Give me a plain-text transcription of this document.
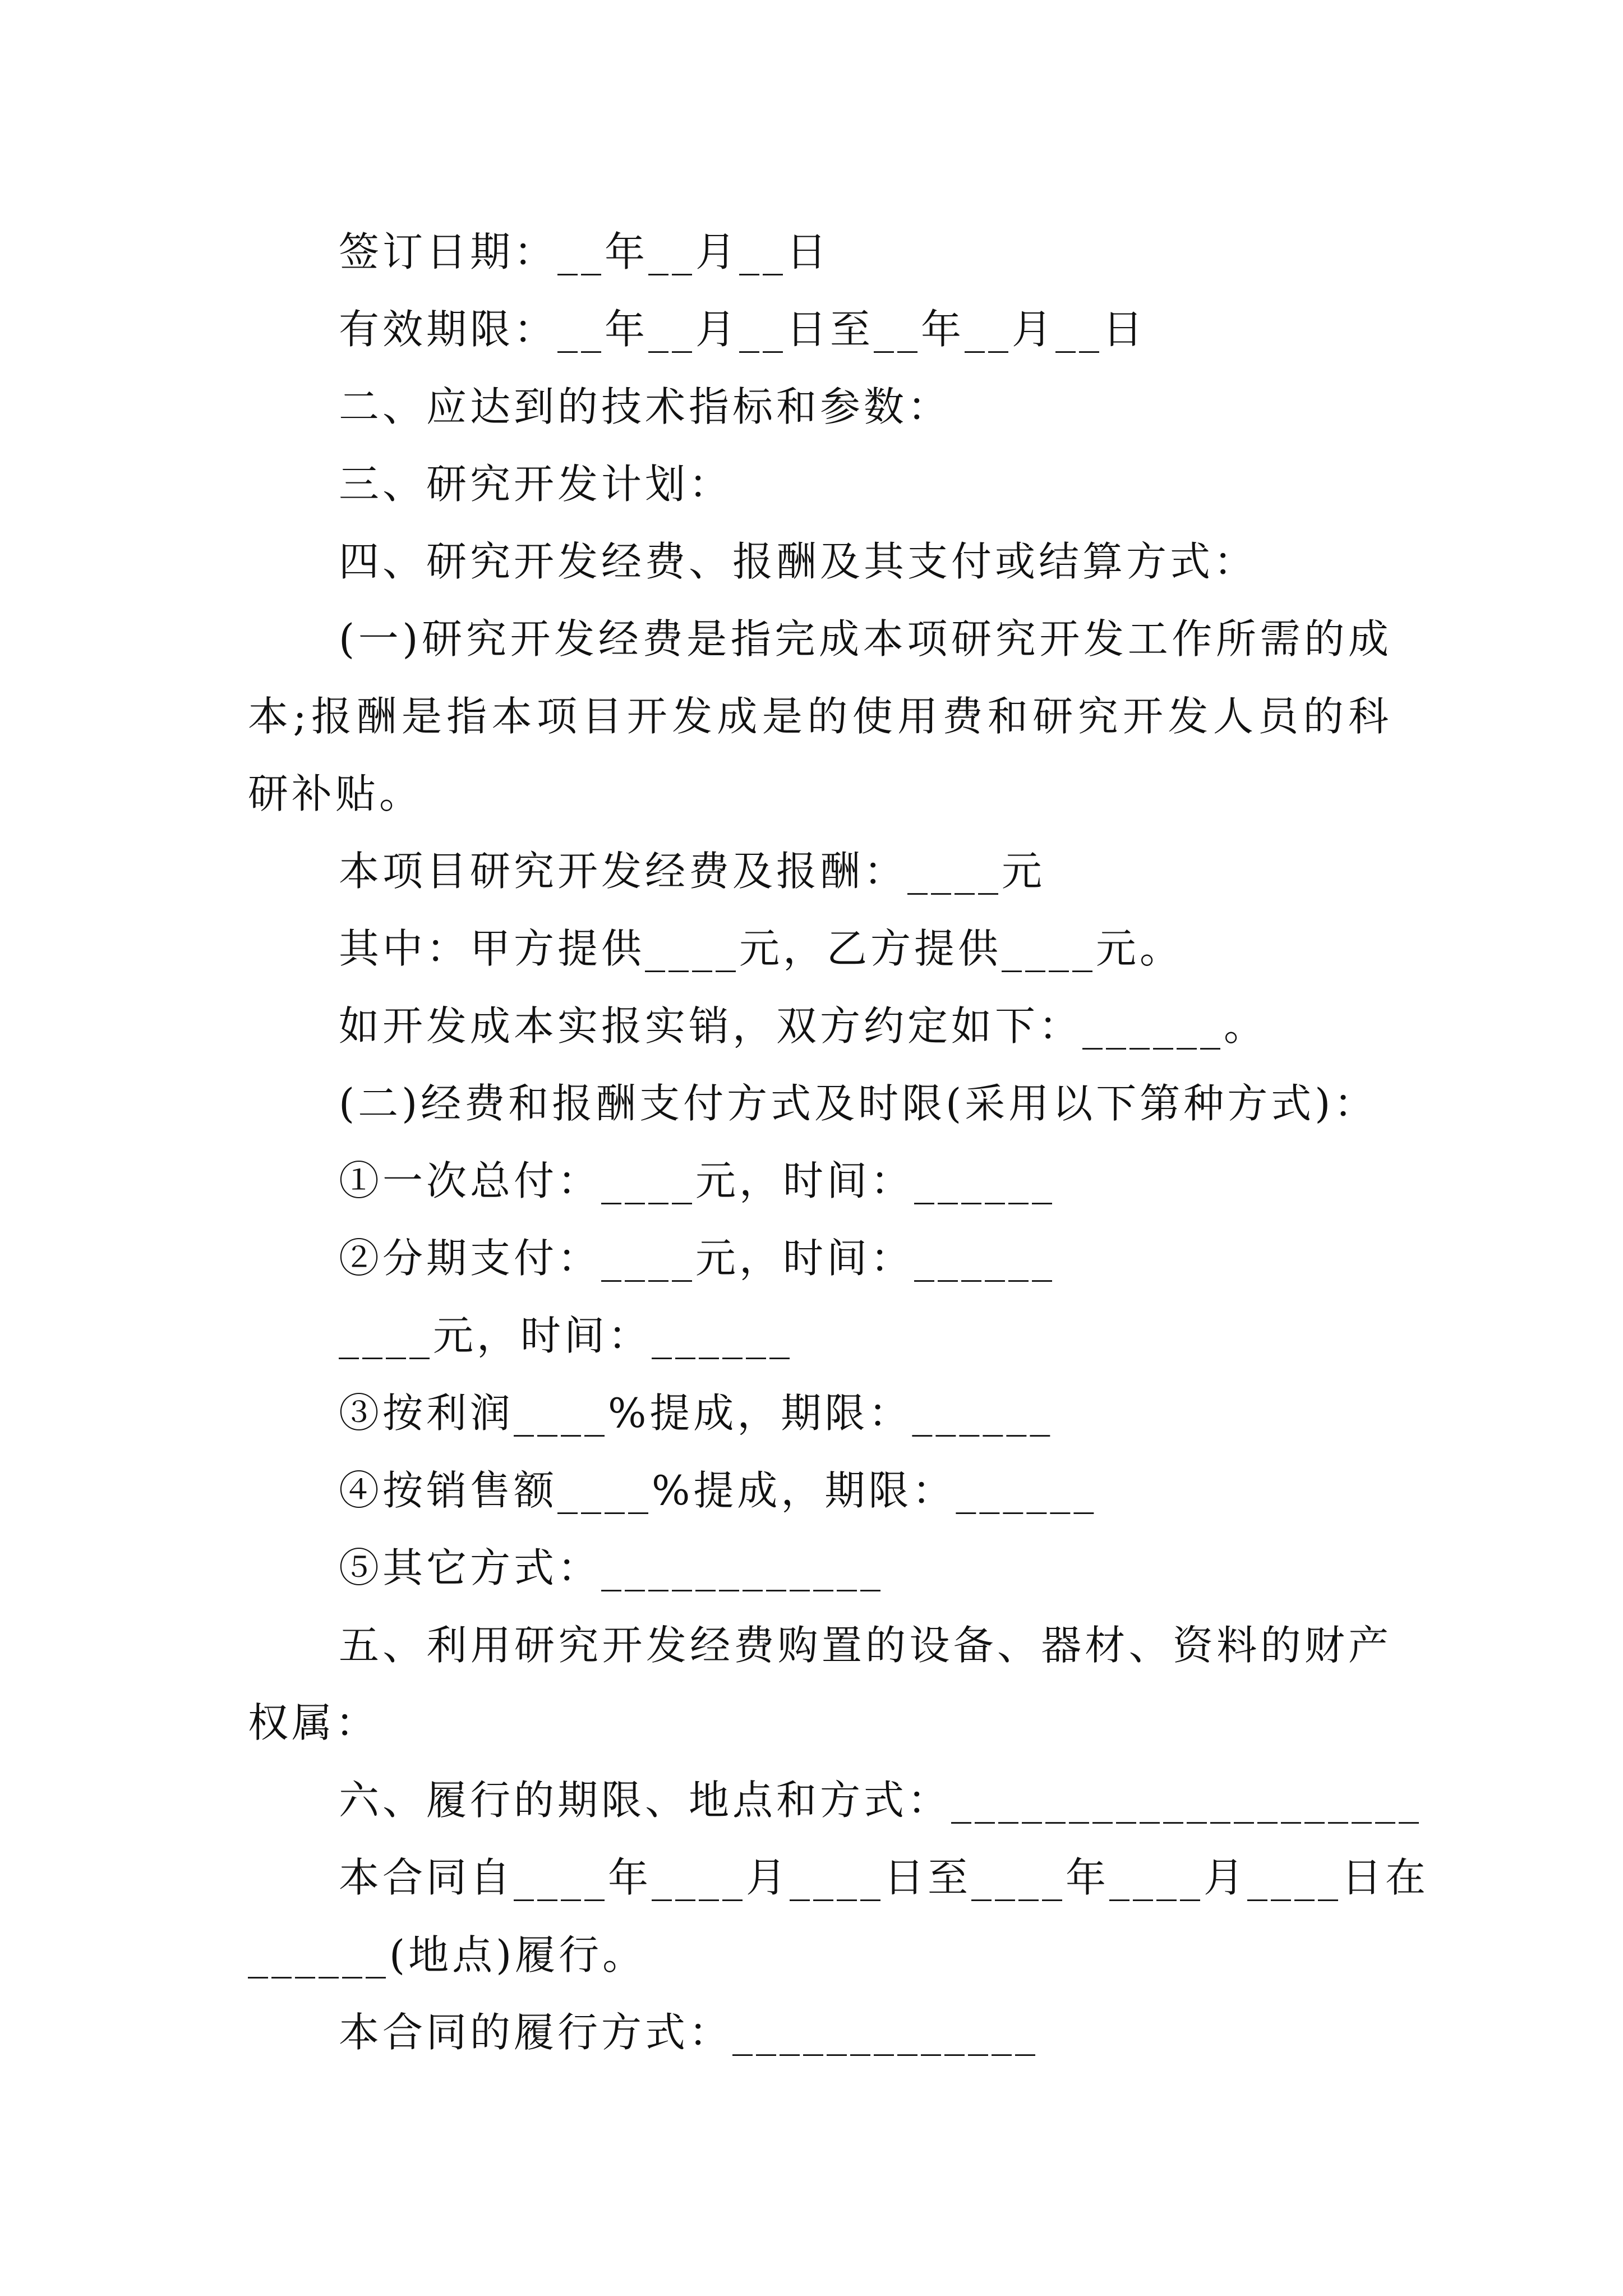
签订日期：__年__月__日

有效期限：__年__月__日至__年__月__日

二、应达到的技术指标和参数：

三、研究开发计划：

四、研究开发经费、报酬及其支付或结算方式：

(一)研究开发经费是指完成本项研究开发工作所需的成本;报酬是指本项目开发成是的使用费和研究开发人员的科研补贴。

本项目研究开发经费及报酬：____元

其中：甲方提供____元，乙方提供____元。

如开发成本实报实销，双方约定如下：______。

(二)经费和报酬支付方式及时限(采用以下第种方式)：

①一次总付：____元，时间：______

②分期支付：____元，时间：______

____元，时间：______

③按利润____%提成，期限：______

④按销售额____%提成，期限：______

⑤其它方式：____________

五、利用研究开发经费购置的设备、器材、资料的财产权属：

六、履行的期限、地点和方式：____________________

本合同自____年____月____日至____年____月____日在

______(地点)履行。

本合同的履行方式：_____________
